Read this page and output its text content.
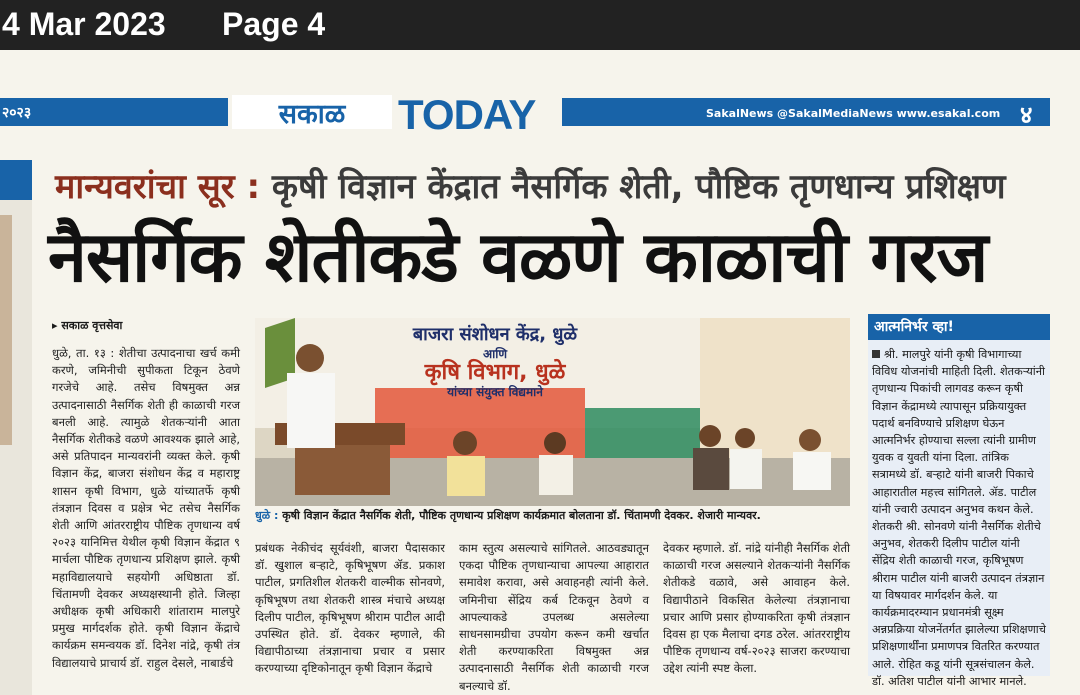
4 Mar 2023 Page 4
२०२३	सकाळ TODAY	SakalNews @SakalMediaNews www.esakal.com ४
मान्यवरांचा सूर : कृषी विज्ञान केंद्रात नैसर्गिक शेती, पौष्टिक तृणधान्य प्रशिक्षण
नैसर्गिक शेतीकडे वळणे काळाची गरज
▸ सकाळ वृत्तसेवा
धुळे, ता. १३ : शेतीचा उत्पादनाचा खर्च कमी करणे, जमिनीची सुपीकता टिकून ठेवणे गरजेचे आहे. तसेच विषमुक्त अन्न उत्पादनासाठी नैसर्गिक शेती ही काळाची गरज बनली आहे. त्यामुळे शेतकऱ्यांनी आता नैसर्गिक शेतीकडे वळणे आवश्यक झाले आहे, असे प्रतिपादन मान्यवरांनी व्यक्त केले. कृषी विज्ञान केंद्र, बाजरा संशोधन केंद्र व महाराष्ट्र शासन कृषी विभाग, धुळे यांच्यातर्फे कृषी तंत्रज्ञान दिवस व प्रक्षेत्र भेट तसेच नैसर्गिक शेती आणि आंतरराष्ट्रीय पौष्टिक तृणधान्य वर्ष २०२३ यानिमित्त येथील कृषी विज्ञान केंद्रात ९ मार्चला पौष्टिक तृणधान्य प्रशिक्षण झाले. कृषी महाविद्यालयाचे सहयोगी अधिष्ठाता डॉ. चिंतामणी देवकर अध्यक्षस्थानी होते. जिल्हा अधीक्षक कृषी अधिकारी शांताराम मालपुरे प्रमुख मार्गदर्शक होते. कृषी विज्ञान केंद्राचे कार्यक्रम समन्वयक डॉ. दिनेश नांद्रे, कृषी तंत्र विद्यालयाचे प्राचार्य डॉ. राहुल देसले, नाबार्डचे
बाजरा संशोधन केंद्र, धुळे
आणि
कृषि विभाग, धुळे
यांच्या संयुक्त विद्यमाने
धुळे : कृषी विज्ञान केंद्रात नैसर्गिक शेती, पौष्टिक तृणधान्य प्रशिक्षण कार्यक्रमात बोलताना डॉ. चिंतामणी देवकर. शेजारी मान्यवर.
प्रबंधक नेकीचंद सूर्यवंशी, बाजरा पैदासकार डॉ. खुशाल बऱ्हाटे, कृषिभूषण ॲड. प्रकाश पाटील, प्रगतिशील शेतकरी वाल्मीक सोनवणे, कृषिभूषण तथा शेतकरी शास्त्र मंचाचे अध्यक्ष दिलीप पाटील, कृषिभूषण श्रीराम पाटील आदी उपस्थित होते. डॉ. देवकर म्हणाले, की विद्यापीठाच्या तंत्रज्ञानाचा प्रचार व प्रसार करण्याच्या दृष्टिकोनातून कृषी विज्ञान केंद्राचे
काम स्तुत्य असल्याचे सांगितले. आठवड्यातून एकदा पौष्टिक तृणधान्याचा आपल्या आहारात समावेश करावा, असे अवाहनही त्यांनी केले. जमिनीचा सेंद्रिय कर्ब टिकवून ठेवणे व आपल्याकडे उपलब्ध असलेल्या साधनसामग्रीचा उपयोग करून कमी खर्चात शेती करण्याकरिता विषमुक्त अन्न उत्पादनासाठी नैसर्गिक शेती काळाची गरज बनल्याचे डॉ.
देवकर म्हणाले. डॉ. नांद्रे यांनीही नैसर्गिक शेती काळाची गरज असल्याने शेतकऱ्यांनी नैसर्गिक शेतीकडे वळावे, असे आवाहन केले. विद्यापीठाने विकसित केलेल्या तंत्रज्ञानाचा प्रचार आणि प्रसार होण्याकरिता कृषी तंत्रज्ञान दिवस हा एक मैलाचा दगड ठरेल. आंतरराष्ट्रीय पौष्टिक तृणधान्य वर्ष-२०२३ साजरा करण्याचा उद्देश त्यांनी स्पष्ट केला.
आत्मनिर्भर व्हा!
श्री. मालपुरे यांनी कृषी विभागाच्या विविध योजनांची माहिती दिली. शेतकऱ्यांनी तृणधान्य पिकांची लागवड करून कृषी विज्ञान केंद्रामध्ये त्यापासून प्रक्रियायुक्त पदार्थ बनविण्याचे प्रशिक्षण घेऊन आत्मनिर्भर होण्याचा सल्ला त्यांनी ग्रामीण युवक व युवती यांना दिला. तांत्रिक सत्रामध्ये डॉ. बऱ्हाटे यांनी बाजरी पिकाचे आहारातील महत्त्व सांगितले. ॲड. पाटील यांनी ज्वारी उत्पादन अनुभव कथन केले. शेतकरी श्री. सोनवणे यांनी नैसर्गिक शेतीचे अनुभव, शेतकरी दिलीप पाटील यांनी सेंद्रिय शेती काळाची गरज, कृषिभूषण श्रीराम पाटील यांनी बाजरी उत्पादन तंत्रज्ञान या विषयावर मार्गदर्शन केले. या कार्यक्रमादरम्यान प्रधानमंत्री सूक्ष्म अन्नप्रक्रिया योजनेंतर्गत झालेल्या प्रशिक्षणाचे प्रशिक्षणार्थींना प्रमाणपत्र वितरित करण्यात आले. रोहित कडू यांनी सूत्रसंचालन केले. डॉ. अतिश पाटील यांनी आभार मानले.
